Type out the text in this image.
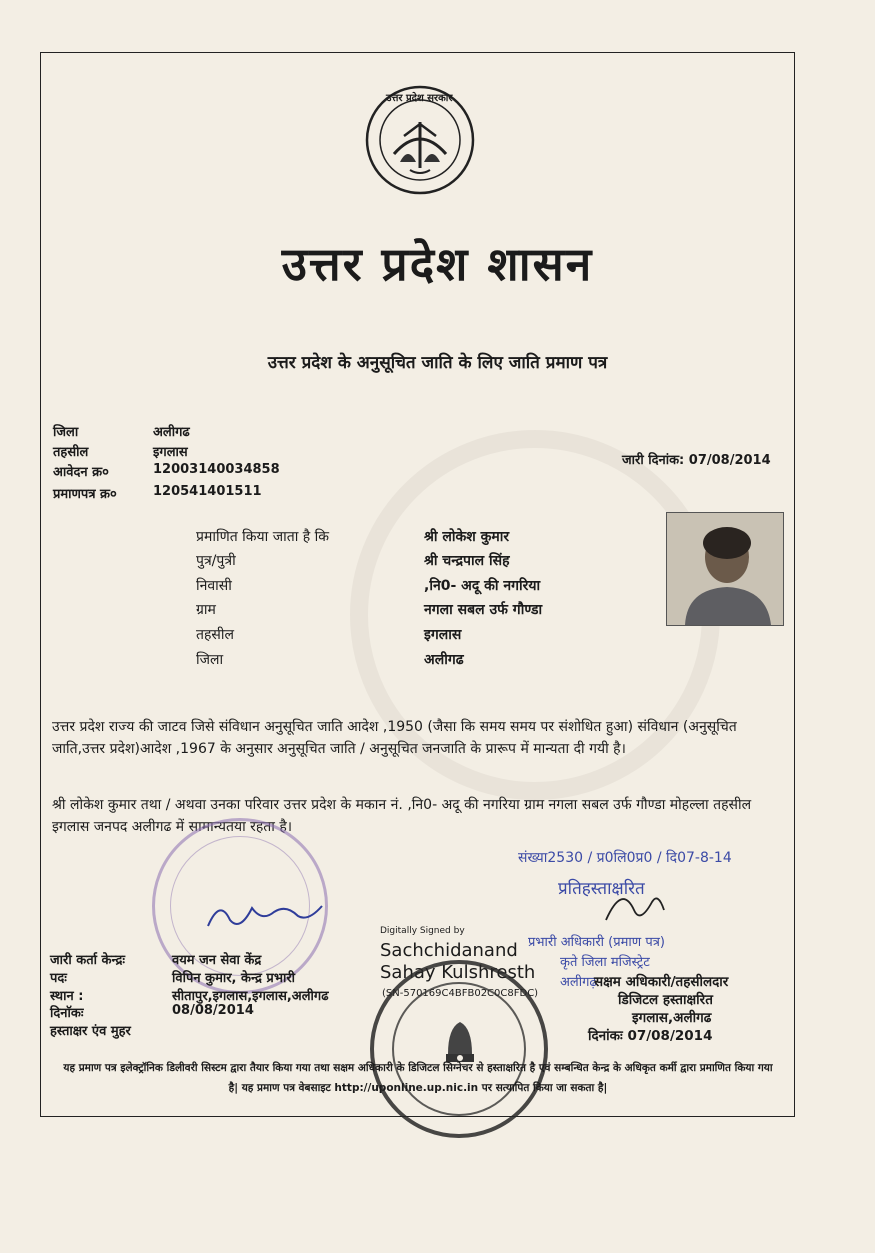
उत्तर प्रदेश सरकार
उत्तर प्रदेश शासन
उत्तर प्रदेश के अनुसूचित जाति के लिए जाति प्रमाण पत्र
जिला	अलीगढ
तहसील	इगलास
आवेदन क्र०	12003140034858
प्रमाणपत्र क्र०	120541401511
जारी दिनांक: 07/08/2014
प्रमाणित किया जाता है कि	श्री लोकेश कुमार
पुत्र/पुत्री	श्री चन्द्रपाल सिंह
निवासी	,नि0- अदू की नगरिया
ग्राम	नगला सबल उर्फ गौण्डा
तहसील	इगलास
जिला	अलीगढ
उत्तर प्रदेश राज्य की जाटव जिसे संविधान अनुसूचित जाति आदेश ,1950 (जैसा कि समय समय पर संशोधित हुआ) संविधान (अनुसूचित जाति,उत्तर प्रदेश)आदेश ,1967 के अनुसार अनुसूचित जाति / अनुसूचित जनजाति के प्रारूप में मान्यता दी गयी है।
श्री लोकेश कुमार तथा / अथवा उनका परिवार उत्तर प्रदेश के मकान नं. ,नि0- अदू की नगरिया ग्राम नगला सबल उर्फ गौण्डा मोहल्ला तहसील इगलास जनपद अलीगढ में सामान्यतया रहता है।
संख्या2530 / प्र0लि0प्र0 / दि07-8-14
प्रतिहस्ताक्षरित
प्रभारी अधिकारी (प्रमाण पत्र)
कृते जिला मजिस्ट्रेट
अलीगढ़
जारी कर्ता केन्द्रः	वयम जन सेवा केंद्र
पदः	विपिन कुमार, केन्द्र प्रभारी
स्थान :	सीतापुर,इगलास,इगलास,अलीगढ
दिनाॅकः	08/08/2014
हस्ताक्षर एंव मुहर
Digitally Signed by
Sachchidanand
Sahay Kulshresth
(SN-570169C4BFB02C0C8FDC)
सक्षम अधिकारी/तहसीलदार
डिजिटल हस्ताक्षरित
इगलास,अलीगढ
दिनांकः 07/08/2014
यह प्रमाण पत्र इलेक्ट्रॉनिक डिलीवरी सिस्टम द्वारा तैयार किया गया तथा सक्षम अधिकारी के डिजिटल सिग्नेचर से हस्ताक्षरित है एवं सम्बन्धित केन्द्र के अधिकृत कर्मी द्वारा प्रमाणित किया गया है| यह प्रमाण पत्र वेबसाइट http://uponline.up.nic.in पर सत्यापित किया जा सकता है|
